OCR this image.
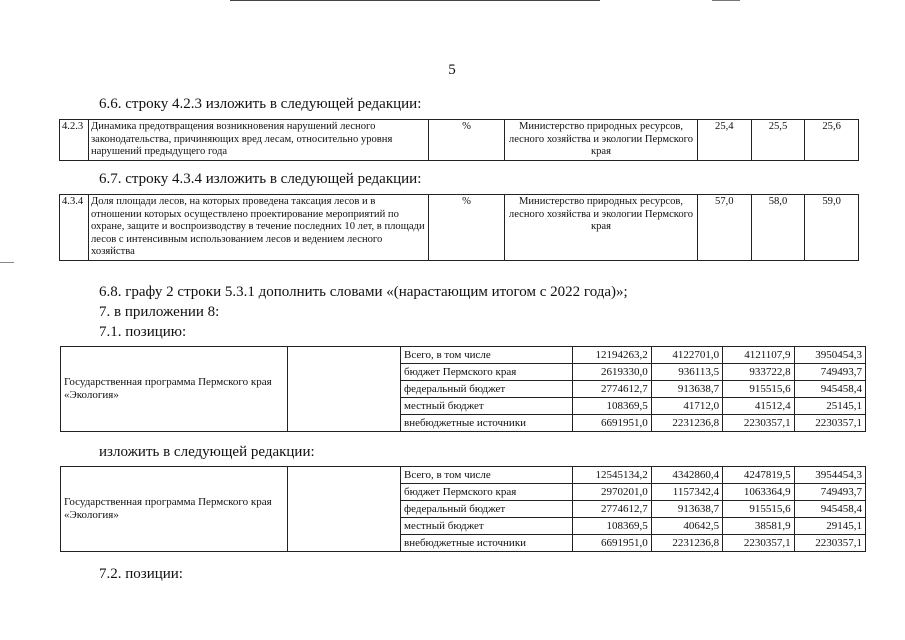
5
6.6. строку 4.2.3 изложить в следующей редакции:
4.2.3	Динамика предотвращения возникновения нарушений лесного законодательства, причиняющих вред лесам, относительно уровня нарушений предыдущего года	%	Министерство природных ресурсов, лесного хозяйства и экологии Пермского края	25,4	25,5	25,6
6.7. строку 4.3.4 изложить в следующей редакции:
4.3.4	Доля площади лесов, на которых проведена таксация лесов и в отношении которых осуществлено проектирование мероприятий по охране, защите и воспроизводству в течение последних 10 лет, в площади лесов с интенсивным использованием лесов и ведением лесного хозяйства	%	Министерство природных ресурсов, лесного хозяйства и экологии Пермского края	57,0	58,0	59,0
6.8. графу 2 строки 5.3.1 дополнить словами «(нарастающим итогом с 2022 года)»;
7. в приложении 8:
7.1. позицию:
Государственная программа Пермского края «Экология»		Всего, в том числе	12194263,2	4122701,0	4121107,9	3950454,3
		бюджет Пермского края	2619330,0	936113,5	933722,8	749493,7
		федеральный бюджет	2774612,7	913638,7	915515,6	945458,4
		местный бюджет	108369,5	41712,0	41512,4	25145,1
		внебюджетные источники	6691951,0	2231236,8	2230357,1	2230357,1
изложить в следующей редакции:
Государственная программа Пермского края «Экология»		Всего, в том числе	12545134,2	4342860,4	4247819,5	3954454,3
		бюджет Пермского края	2970201,0	1157342,4	1063364,9	749493,7
		федеральный бюджет	2774612,7	913638,7	915515,6	945458,4
		местный бюджет	108369,5	40642,5	38581,9	29145,1
		внебюджетные источники	6691951,0	2231236,8	2230357,1	2230357,1
7.2. позиции:
